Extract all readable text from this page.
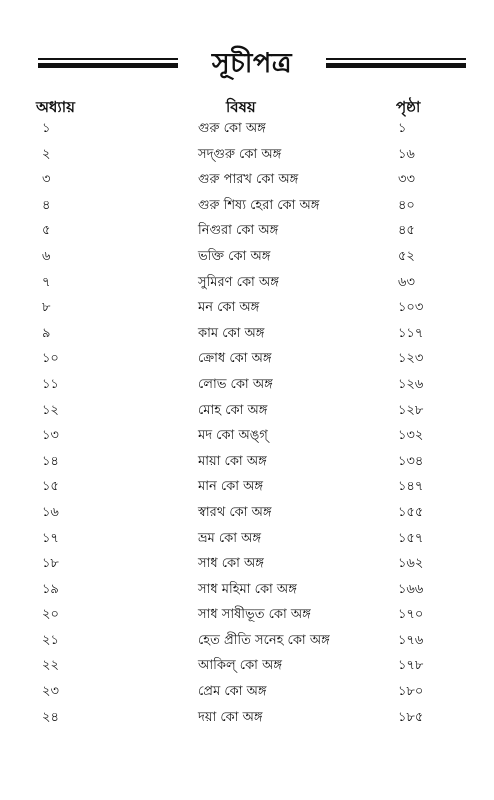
সূচীপত্র
অধ্যায়	বিষয়	পৃষ্ঠা
১	গুরু কো অঙ্গ	১
২	সদ্গুরু কো অঙ্গ	১৬
৩	গুরু পারখ কো অঙ্গ	৩৩
৪	গুরু শিষ্য হেরা কো অঙ্গ	৪০
৫	নিগুরা কো অঙ্গ	৪৫
৬	ভক্তি কো অঙ্গ	৫২
৭	সুমিরণ কো অঙ্গ	৬৩
৮	মন কো অঙ্গ	১০৩
৯	কাম কো অঙ্গ	১১৭
১০	ক্রোধ কো অঙ্গ	১২৩
১১	লোভ কো অঙ্গ	১২৬
১২	মোহ কো অঙ্গ	১২৮
১৩	মদ কো অঙ্গ্	১৩২
১৪	মায়া কো অঙ্গ	১৩৪
১৫	মান কো অঙ্গ	১৪৭
১৬	স্বারথ কো অঙ্গ	১৫৫
১৭	ভ্রম কো অঙ্গ	১৫৭
১৮	সাধ কো অঙ্গ	১৬২
১৯	সাধ মহিমা কো অঙ্গ	১৬৬
২০	সাধ সাষীভূত কো অঙ্গ	১৭০
২১	হেত প্রীতি সনেহ কো অঙ্গ	১৭৬
২২	আকিল্ কো অঙ্গ	১৭৮
২৩	প্রেম কো অঙ্গ	১৮০
২৪	দয়া কো অঙ্গ	১৮৫
